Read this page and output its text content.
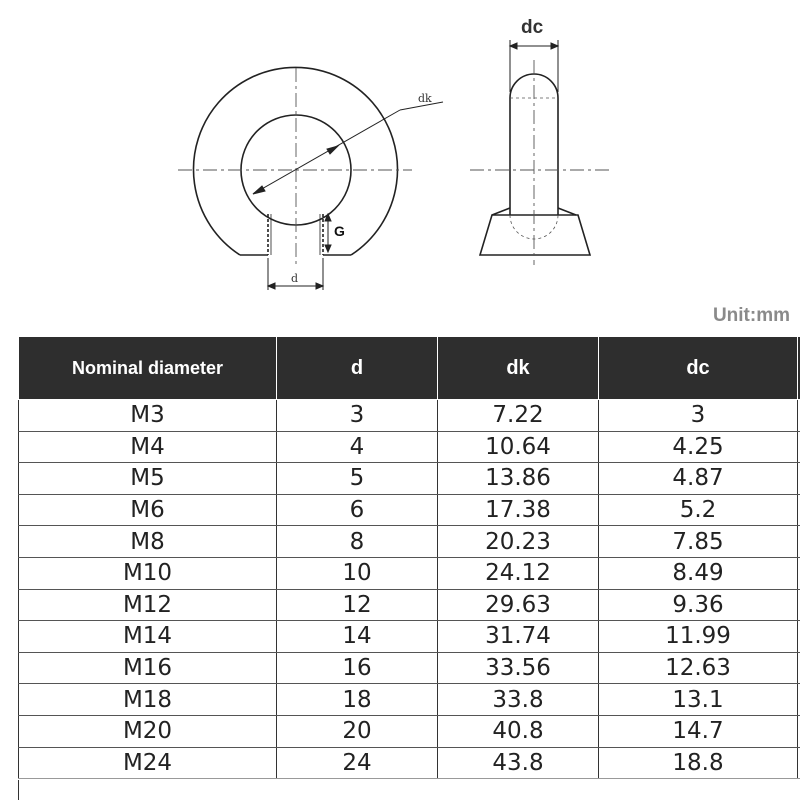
dk
G
d
dc
Unit:mm
Nominal diameter	d	dk	dc	
M3	3	7.22	3	
M4	4	10.64	4.25	
M5	5	13.86	4.87	
M6	6	17.38	5.2	
M8	8	20.23	7.85	
M10	10	24.12	8.49	
M12	12	29.63	9.36	
M14	14	31.74	11.99	
M16	16	33.56	12.63	
M18	18	33.8	13.1	
M20	20	40.8	14.7	
M24	24	43.8	18.8	
